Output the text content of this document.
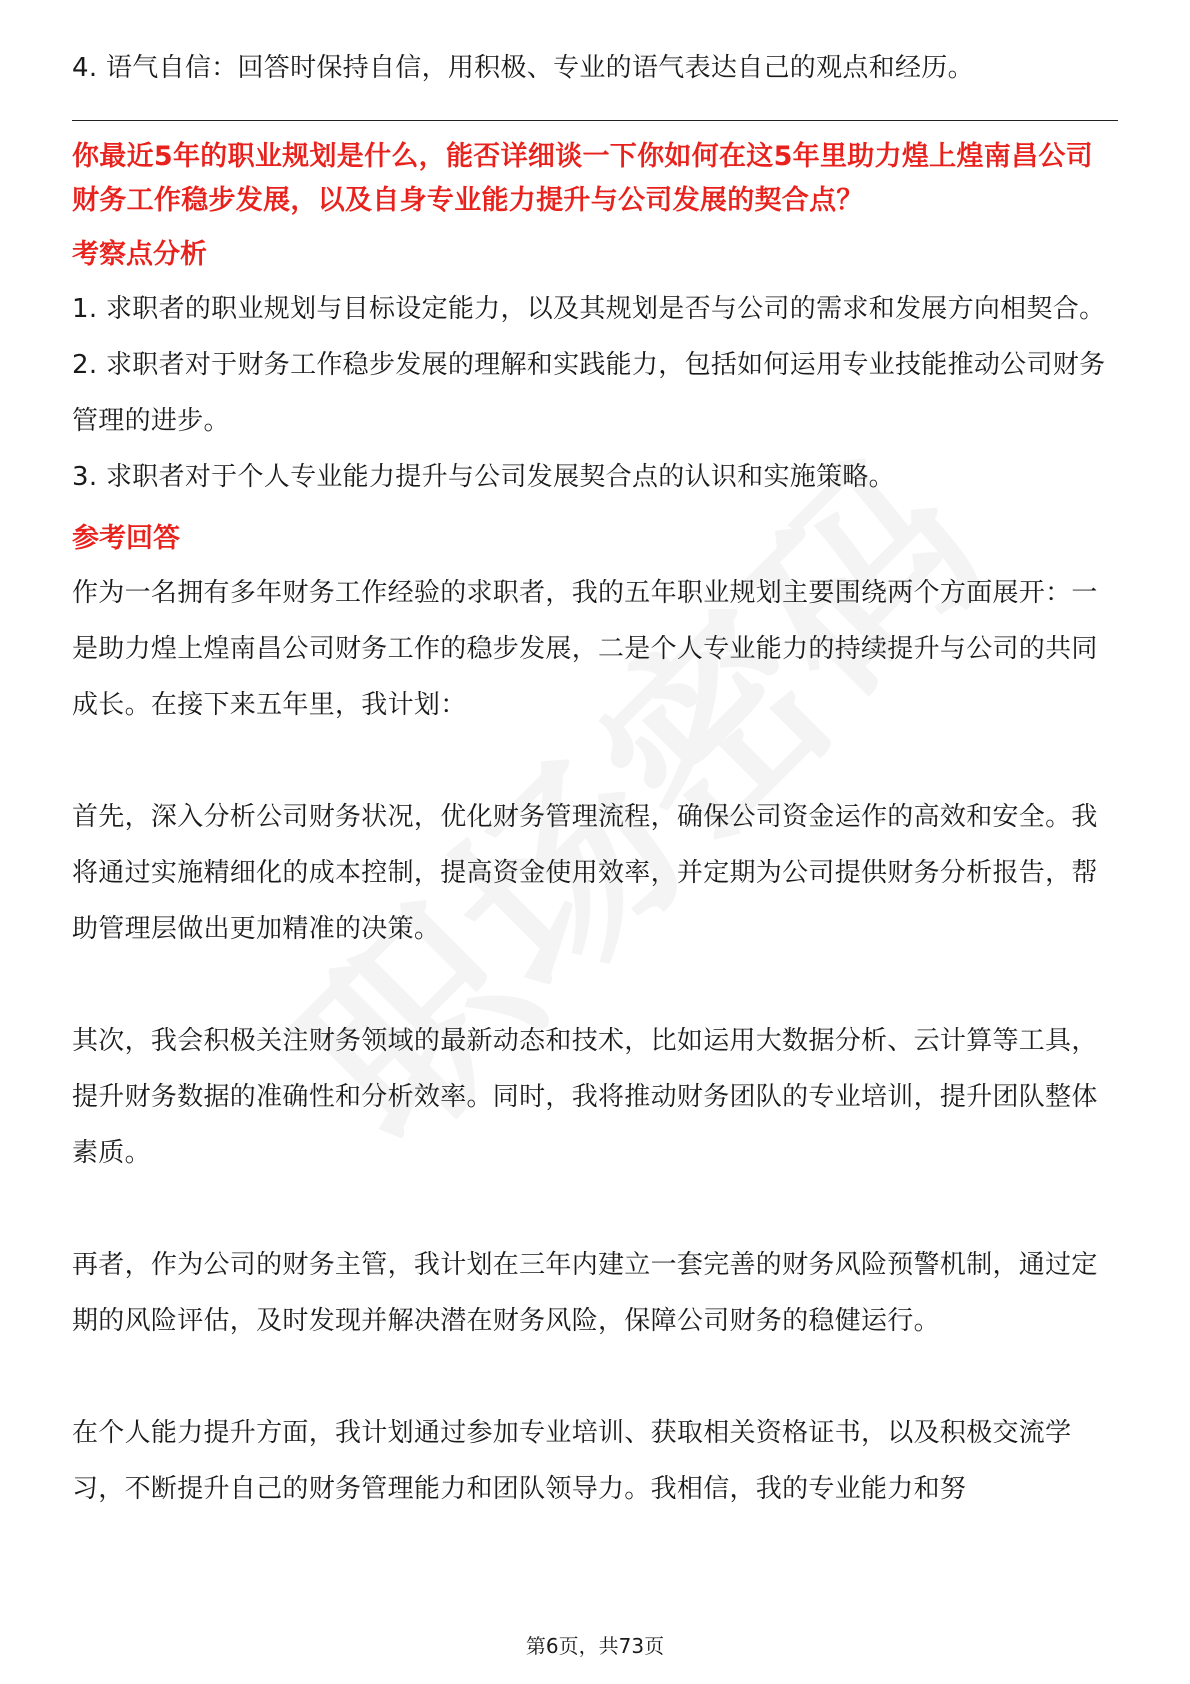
4. 语气自信：回答时保持自信，用积极、专业的语气表达自己的观点和经历。

你最近5年的职业规划是什么，能否详细谈一下你如何在这5年里助力煌上煌南昌公司财务工作稳步发展，以及自身专业能力提升与公司发展的契合点？

考察点分析

1. 求职者的职业规划与目标设定能力，以及其规划是否与公司的需求和发展方向相契合。

2. 求职者对于财务工作稳步发展的理解和实践能力，包括如何运用专业技能推动公司财务管理的进步。

3. 求职者对于个人专业能力提升与公司发展契合点的认识和实施策略。

参考回答

作为一名拥有多年财务工作经验的求职者，我的五年职业规划主要围绕两个方面展开：一是助力煌上煌南昌公司财务工作的稳步发展，二是个人专业能力的持续提升与公司的共同成长。在接下来五年里，我计划：

首先，深入分析公司财务状况，优化财务管理流程，确保公司资金运作的高效和安全。我将通过实施精细化的成本控制，提高资金使用效率，并定期为公司提供财务分析报告，帮助管理层做出更加精准的决策。

其次，我会积极关注财务领域的最新动态和技术，比如运用大数据分析、云计算等工具，提升财务数据的准确性和分析效率。同时，我将推动财务团队的专业培训，提升团队整体素质。

再者，作为公司的财务主管，我计划在三年内建立一套完善的财务风险预警机制，通过定期的风险评估，及时发现并解决潜在财务风险，保障公司财务的稳健运行。

在个人能力提升方面，我计划通过参加专业培训、获取相关资格证书，以及积极交流学习，不断提升自己的财务管理能力和团队领导力。我相信，我的专业能力和努

第6页，共73页
